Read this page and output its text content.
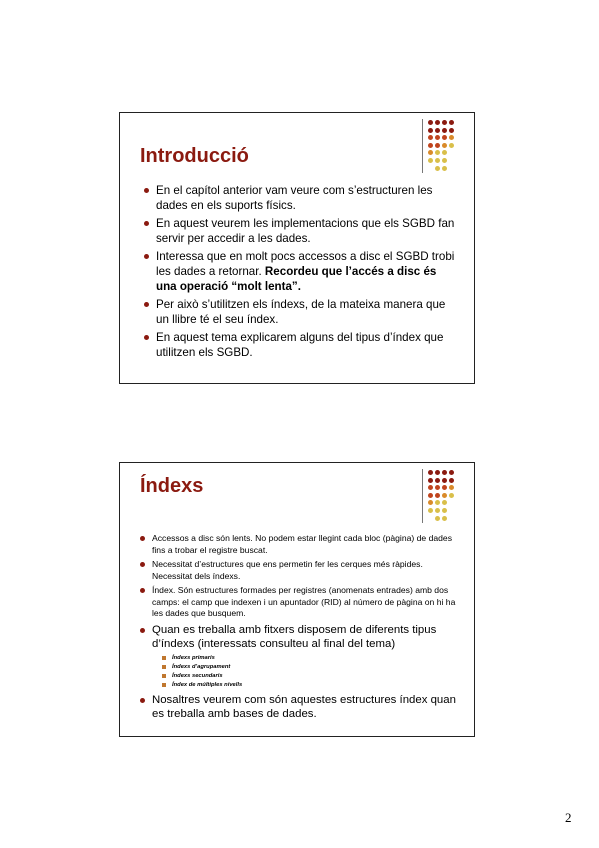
Introducció
En el capítol anterior vam veure com s’estructuren les dades en els suports físics.
En aquest veurem les implementacions que els SGBD fan servir per accedir a les dades.
Interessa que en molt pocs accessos a disc el SGBD trobi les dades a retornar. Recordeu que l’accés a disc és una operació “molt lenta”.
Per això s’utilitzen els índexs, de la mateixa manera que un llibre té el seu índex.
En aquest tema explicarem alguns del tipus d’índex que utilitzen els SGBD.
Índexs
Accessos a disc són lents. No podem estar llegint cada bloc (pàgina) de dades fins a trobar el registre buscat.
Necessitat d’estructures que ens permetin fer les cerques més ràpides. Necessitat dels índexs.
Índex. Són estructures formades per registres (anomenats entrades) amb dos camps: el camp que indexen i un apuntador (RID) al número de pàgina on hi ha les dades que busquem.
Quan es treballa amb fitxers disposem de diferents tipus d’índexs (interessats consulteu al final del tema)
Índexs primaris
Índexs d’agrupament
Índexs secundaris
Índex de múltiples nivells
Nosaltres veurem com són aquestes estructures índex quan es treballa amb bases de dades.
2
